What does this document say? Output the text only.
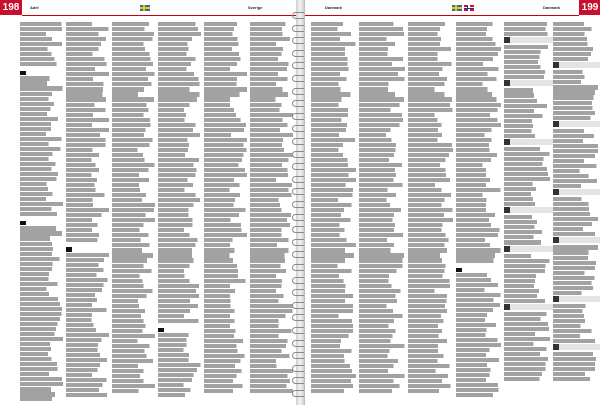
198	Adel	Sverige	Danmark	Danmark 199
